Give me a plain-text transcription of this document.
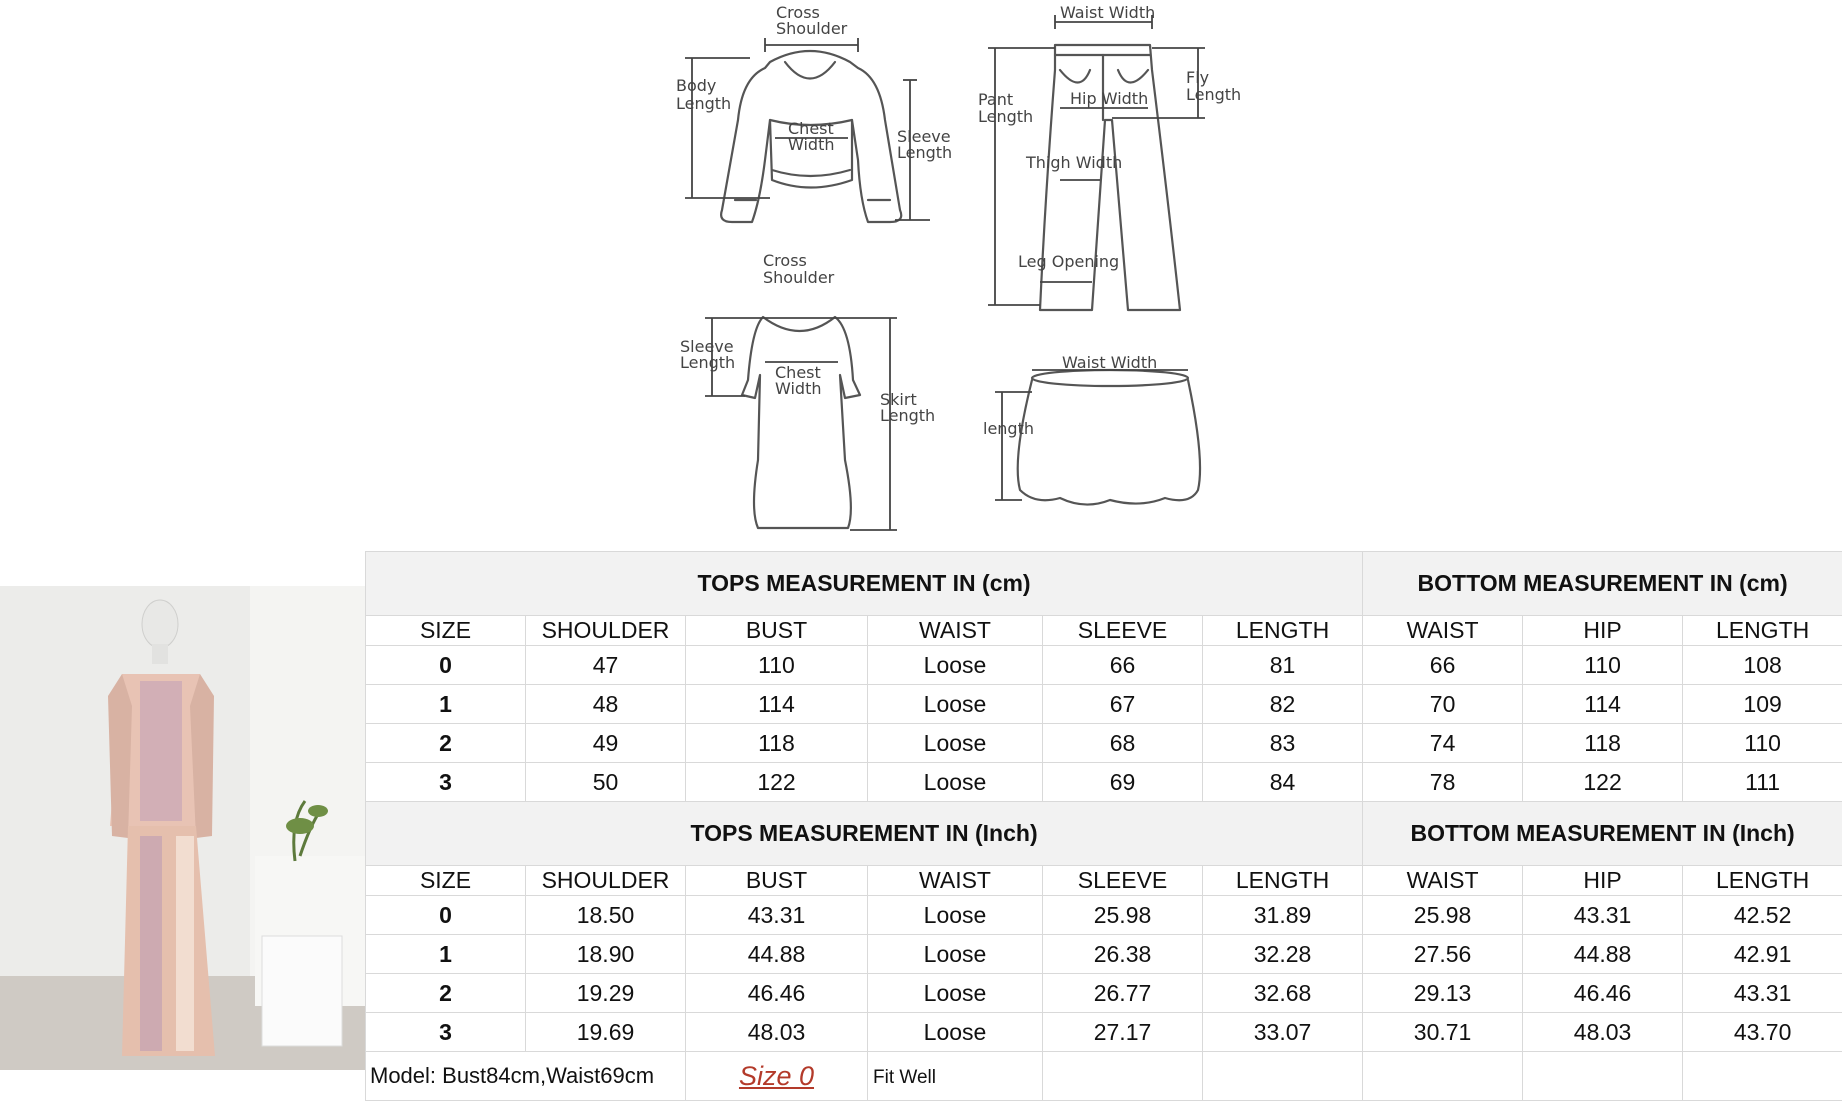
Cross Shoulder
Body Length
Chest Width	Sleeve Length
Waist Width
Pant Length
Fly Length
Hip Width
Thigh Width
Leg Opening
Cross Shoulder
Sleeve Length
Chest Width
Skirt Length
Waist Width
length
TOPS MEASUREMENT IN (cm)						BOTTOM MEASUREMENT IN (cm)		
SIZE	SHOULDER	BUST	WAIST	SLEEVE	LENGTH	WAIST	HIP	LENGTH
0	47	110	Loose	66	81	66	110	108
1	48	114	Loose	67	82	70	114	109
2	49	118	Loose	68	83	74	118	110
3	50	122	Loose	69	84	78	122	111
TOPS MEASUREMENT IN (Inch)						BOTTOM MEASUREMENT IN (Inch)		
SIZE	SHOULDER	BUST	WAIST	SLEEVE	LENGTH	WAIST	HIP	LENGTH
0	18.50	43.31	Loose	25.98	31.89	25.98	43.31	42.52
1	18.90	44.88	Loose	26.38	32.28	27.56	44.88	42.91
2	19.29	46.46	Loose	26.77	32.68	29.13	46.46	43.31
3	19.69	48.03	Loose	27.17	33.07	30.71	48.03	43.70
Model: Bust84cm,Waist69cm		Size 0	Fit Well					
